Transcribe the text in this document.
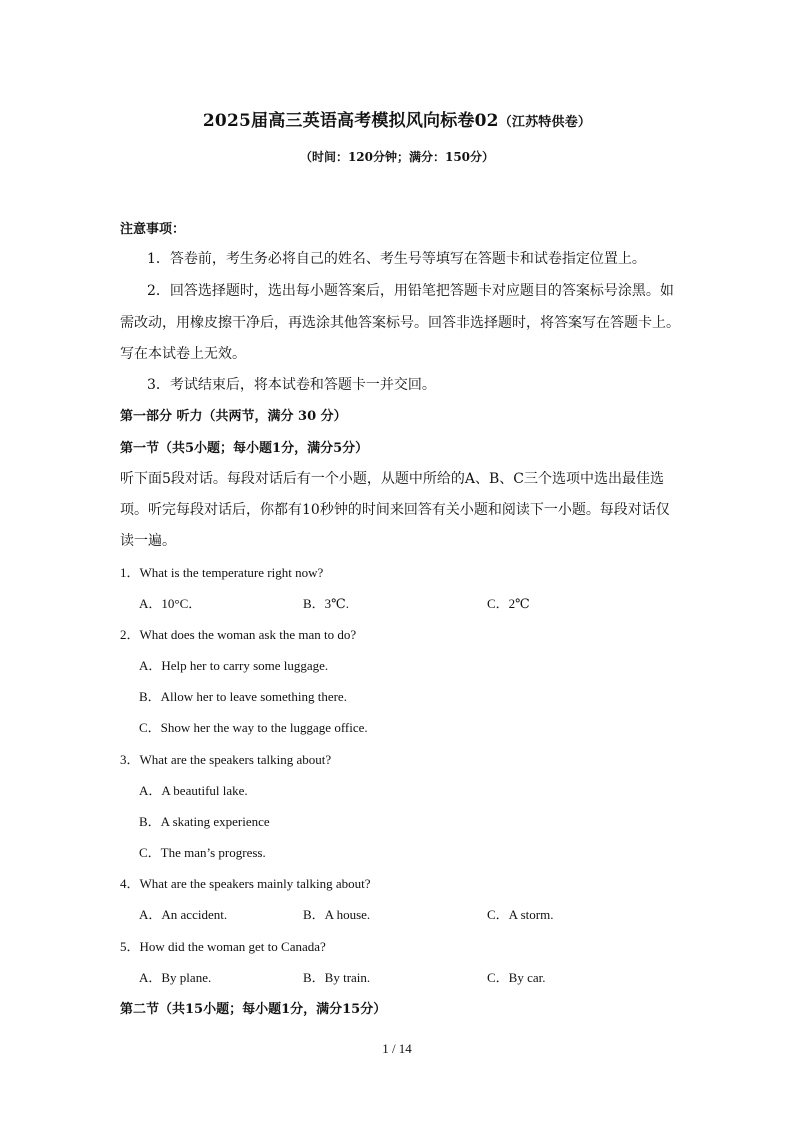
2025届高三英语高考模拟风向标卷02（江苏特供卷）
（时间：120分钟；满分：150分）
注意事项：
1．答卷前，考生务必将自己的姓名、考生号等填写在答题卡和试卷指定位置上。
2．回答选择题时，选出每小题答案后，用铅笔把答题卡对应题目的答案标号涂黑。如
需改动，用橡皮擦干净后，再选涂其他答案标号。回答非选择题时，将答案写在答题卡上。
写在本试卷上无效。
3．考试结束后，将本试卷和答题卡一并交回。
第一部分 听力（共两节，满分 30 分）
第一节（共5小题；每小题1分，满分5分）
听下面5段对话。每段对话后有一个小题，从题中所给的A、B、C三个选项中选出最佳选
项。听完每段对话后，你都有10秒钟的时间来回答有关小题和阅读下一小题。每段对话仅
读一遍。
1．What is the temperature right now?
A．10°C．	B．3℃.	C．2℃
2．What does the woman ask the man to do?
A．Help her to carry some luggage.
B．Allow her to leave something there.
C．Show her the way to the luggage office.
3．What are the speakers talking about?
A．A beautiful lake.
B．A skating experience
C．The man’s progress.
4．What are the speakers mainly talking about?
A．An accident.	B．A house.	C．A storm.
5．How did the woman get to Canada?
A．By plane.	B．By train.	C．By car.
第二节（共15小题；每小题1分，满分15分）
1 / 14
